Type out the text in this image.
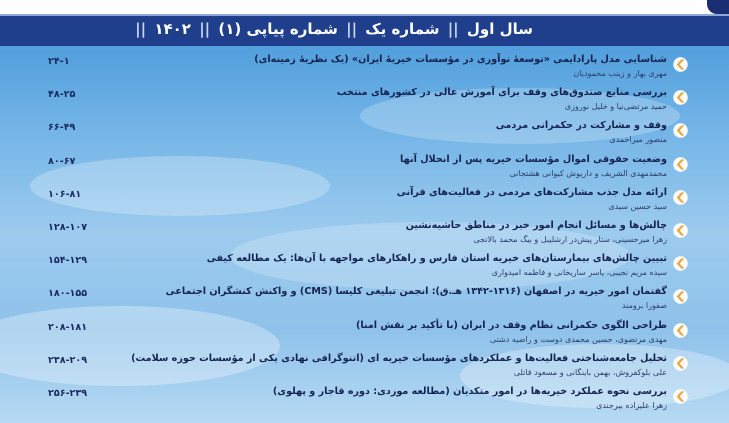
سال اول || شماره یک || شماره پیاپی (۱) || ۱۴۰۲ ||
شناسایی مدل پارادایمی «توسعهٔ نوآوری در مؤسسات خیریهٔ ایران» (یک نظریهٔ زمینه‌ای)
مهری بهار و زینب محمودیان
۲۴-۱
بررسی منابع صندوق‌های وقف برای آموزش عالی در کشورهای منتخب
حمید مرتضی‌نیا و خلیل نوروزی
۴۸-۲۵
وقف و مشارکت در حکمرانی مردمی
منصور میراحمدی
۶۶-۴۹
وضعیت حقوقی اموال مؤسسات خیریه پس از انحلال آنها
محمدمهدی الشریف و داریوش کیوانی هشتجانی
۸۰-۶۷
ارائه مدل جذب مشارکت‌های مردمی در فعالیت‌های قرآنی
سید حسین سیدی
۱۰۶-۸۱
چالش‌ها و مسائل انجام امور خیر در مناطق حاشیه‌نشین
زهرا میرحسینی، ستار پیش‌در ارشلیبل و بیگ محمد بالاتجی
۱۲۸-۱۰۷
تبیین چالش‌های بیمارستان‌های خیریه استان فارس و راهکارهای مواجهه با آن‌ها: یک مطالعه کیفی
سیده مریم نجیبی، یاسر ساریخانی و فاطمه امیدواری
۱۵۴-۱۲۹
گفتمان امور خیریه در اصفهان (۱۳۱۶-۱۳۴۲ هـ.ق): انجمن تبلیغی کلیسا (CMS) و واکنش کنشگران اجتماعی
صفورا برومند
۱۸۰-۱۵۵
طراحی الگوی حکمرانی نظام وقف در ایران (با تأکید بر نقش امنا)
مهدی مرتضوی، حسین محمدی دوست و راضیه دشتی
۲۰۸-۱۸۱
تحلیل جامعه‌شناختی فعالیت‌ها و عملکردهای مؤسسات خیریه ای (اتنوگرافی نهادی یکی از مؤسسات حوزه سلامت)
علی بلوکفروش، بهمن باینگانی و مسعود قاتلی
۲۳۸-۲۰۹
بررسی نحوه عملکرد خیریه‌ها در امور متکدیان (مطالعه موردی: دوره قاجار و پهلوی)
زهرا علیزاده بیرجندی
۲۵۶-۲۳۹
